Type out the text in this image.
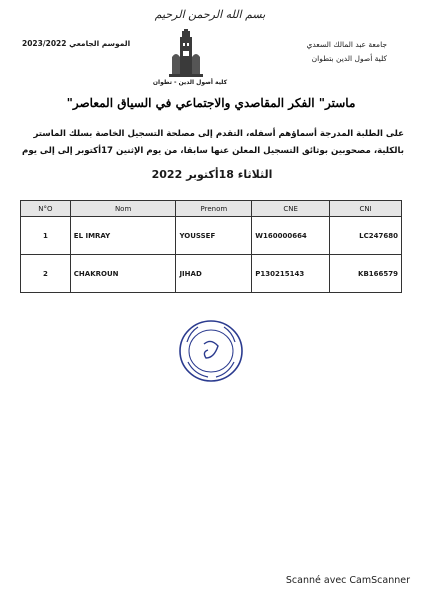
بسم الله الرحمن الرحيم
جامعة عبد المالك السعدي
كلية أصول الدين بتطوان
الموسم الجامعي 2023/2022
كلية أصول الدين - تطوان
ماستر" الفكر المقاصدي والاجتماعي في السياق المعاصر"
على الطلبة المدرجة أسماؤهم أسفله، التقدم إلى مصلحة التسجيل الخاصة بسلك الماستر بالكلية، مصحوبين بوثائق التسجيل المعلن عنها سابقا، من يوم الإثنين 17أكتوبر إلى إلى يوم
الثلاثاء 18أكتوبر 2022
N°O	Nom	Prenom	CNE	CNI
1	EL IMRAY	YOUSSEF	W160000664	LC247680
2	CHAKROUN	JIHAD	P130215143	KB166579
Scanné avec CamScanner
